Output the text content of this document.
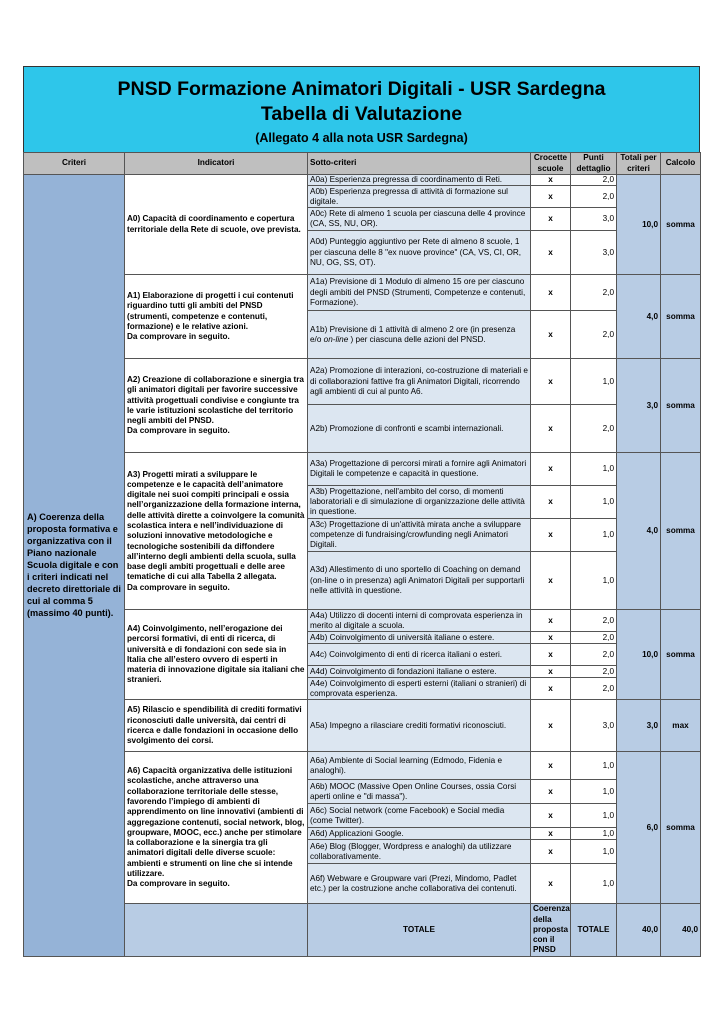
PNSD Formazione Animatori Digitali - USR Sardegna
Tabella di Valutazione
(Allegato 4 alla nota USR Sardegna)
Criteri	Indicatori	Sotto-criteri	Crocette scuole	Punti dettaglio	Totali per criteri	Calcolo	
A) Coerenza della proposta formativa e organizzativa con il Piano nazionale Scuola digitale e con i criteri indicati nel decreto direttoriale di cui al comma 5 (massimo 40 punti).	A0) Capacità di coordinamento e copertura territoriale della Rete di scuole, ove prevista.	A0a) Esperienza pregressa di coordinamento di Reti.	x	2,0	10,0	somma	
		A0b) Esperienza pregressa di attività di formazione sul digitale.	x	2,0			
		A0c) Rete di almeno 1 scuola per ciascuna delle 4 province (CA, SS, NU, OR).	x	3,0			
		A0d) Punteggio aggiuntivo per Rete di almeno 8 scuole, 1 per ciascuna delle 8 "ex nuove province" (CA, VS, CI, OR, NU, OG, SS, OT).	x	3,0			
	A1) Elaborazione di progetti i cui contenuti riguardino tutti gli ambiti del PNSD (strumenti, competenze e contenuti, formazione) e le relative azioni.
Da comprovare in seguito.	A1a) Previsione di 1 Modulo di almeno 15 ore per ciascuno degli ambiti del PNSD (Strumenti, Competenze e contenuti, Formazione).	x	2,0	4,0	somma	
		A1b) Previsione di 1 attività di almeno 2 ore (in presenza e/o on-line ) per ciascuna delle azioni del PNSD.	x	2,0			
	A2) Creazione di collaborazione e sinergia tra gli animatori digitali per favorire successive attività progettuali condivise e congiunte tra le varie istituzioni scolastiche del territorio negli ambiti del PNSD.
Da comprovare in seguito.	A2a) Promozione di interazioni, co-costruzione di materiali e di collaborazioni fattive fra gli Animatori Digitali, ricorrendo agli ambienti di cui al punto A6.	x	1,0	3,0	somma	
		A2b) Promozione di confronti e scambi internazionali.	x	2,0			
	A3) Progetti mirati a sviluppare le competenze e le capacità dell’animatore digitale nei suoi compiti principali e ossia nell’organizzazione della formazione interna, delle attività dirette a coinvolgere la comunità scolastica intera e nell’individuazione di soluzioni innovative metodologiche e tecnologiche sostenibili da diffondere all’interno degli ambienti della scuola, sulla base degli ambiti progettuali e delle aree tematiche di cui alla Tabella 2 allegata.
Da comprovare in seguito.	A3a) Progettazione di percorsi mirati a fornire agli Animatori Digitali le competenze e capacità in questione.	x	1,0	4,0	somma	
		A3b) Progettazione, nell'ambito del corso, di momenti laboratoriali e di simulazione di organizzazione delle attività in questione.	x	1,0			
		A3c) Progettazione di un'attività mirata anche a sviluppare competenze di fundraising/crowfunding negli Animatori Digitali.	x	1,0			
		A3d) Allestimento di uno sportello di Coaching on demand (on-line o in presenza) agli Animatori Digitali per supportarli nelle attività in questione.	x	1,0			
	A4) Coinvolgimento, nell’erogazione dei percorsi formativi, di enti di ricerca, di università e di fondazioni con sede sia in Italia che all’estero ovvero di esperti in materia di innovazione digitale sia italiani che stranieri.	A4a) Utilizzo di docenti interni di comprovata esperienza in merito al digitale a scuola.	x	2,0	10,0	somma	
		A4b) Coinvolgimento di università italiane o estere.	x	2,0			
		A4c) Coinvolgimento di enti di ricerca italiani o esteri.	x	2,0			
		A4d) Coinvolgimento di fondazioni italiane o estere.	x	2,0			
		A4e) Coinvolgimento di esperti esterni (italiani o stranieri) di comprovata esperienza.	x	2,0			
	A5) Rilascio e spendibilità di crediti formativi riconosciuti dalle università, dai centri di ricerca e dalle fondazioni in occasione dello svolgimento dei corsi.	A5a) Impegno a rilasciare crediti formativi riconosciuti.	x	3,0	3,0	max	
	A6) Capacità organizzativa delle istituzioni scolastiche, anche attraverso una collaborazione territoriale delle stesse, favorendo l’impiego di ambienti di apprendimento on line innovativi (ambienti di aggregazione contenuti, social network, blog, groupware, MOOC, ecc.) anche per stimolare la collaborazione e la sinergia tra gli animatori digitali delle diverse scuole: ambienti e strumenti on line che si intende utilizzare.
Da comprovare in seguito.	A6a) Ambiente di Social learning (Edmodo, Fidenia e analoghi).	x	1,0	6,0	somma	
		A6b) MOOC (Massive Open Online Courses, ossia Corsi aperti online e "di massa").	x	1,0			
		A6c) Social network (come Facebook) e Social media (come Twitter).	x	1,0			
		A6d) Applicazioni Google.	x	1,0			
		A6e) Blog (Blogger, Wordpress e analoghi) da utilizzare collaborativamente.	x	1,0			
		A6f) Webware e Groupware vari (Prezi, Mindomo, Padlet etc.) per la costruzione anche collaborativa dei contenuti.	x	1,0			
		TOTALE	Coerenza della proposta con il PNSD	TOTALE	40,0	40,0	
